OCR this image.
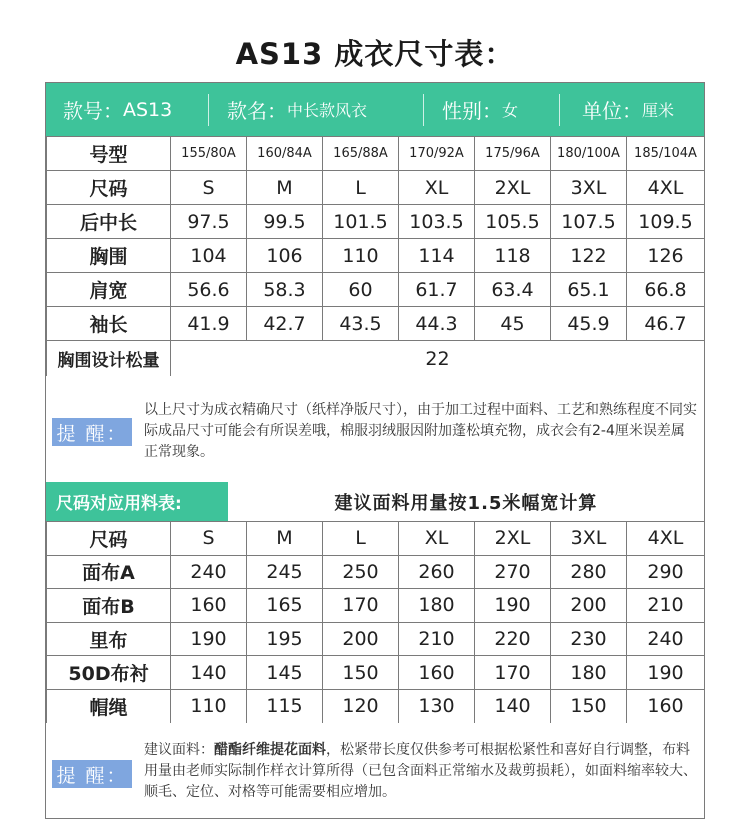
AS13 成衣尺寸表：
款号： AS13	款名： 中长款风衣	性别： 女	单位： 厘米
号型	155/80A	160/84A	165/88A	170/92A	175/96A	180/100A	185/104A
尺码	S	M	L	XL	2XL	3XL	4XL
后中长	97.5	99.5	101.5	103.5	105.5	107.5	109.5
胸围	104	106	110	114	118	122	126
肩宽	56.6	58.3	60	61.7	63.4	65.1	66.8
袖长	41.9	42.7	43.5	44.3	45	45.9	46.7
胸围设计松量	22						
提 醒：
以上尺寸为成衣精确尺寸（纸样净版尺寸），由于加工过程中面料、工艺和熟练程度不同实际成品尺寸可能会有所误差哦，棉服羽绒服因附加蓬松填充物，成衣会有2-4厘米误差属正常现象。
尺码对应用料表:	建议面料用量按1.5米幅宽计算
尺码	S	M	L	XL	2XL	3XL	4XL
面布A	240	245	250	260	270	280	290
面布B	160	165	170	180	190	200	210
里布	190	195	200	210	220	230	240
50D布衬	140	145	150	160	170	180	190
帽绳	110	115	120	130	140	150	160
提 醒：
建议面料：醋酯纤维提花面料，松紧带长度仅供参考可根据松紧性和喜好自行调整，布料用量由老师实际制作样衣计算所得（已包含面料正常缩水及裁剪损耗），如面料缩率较大、顺毛、定位、对格等可能需要相应增加。
